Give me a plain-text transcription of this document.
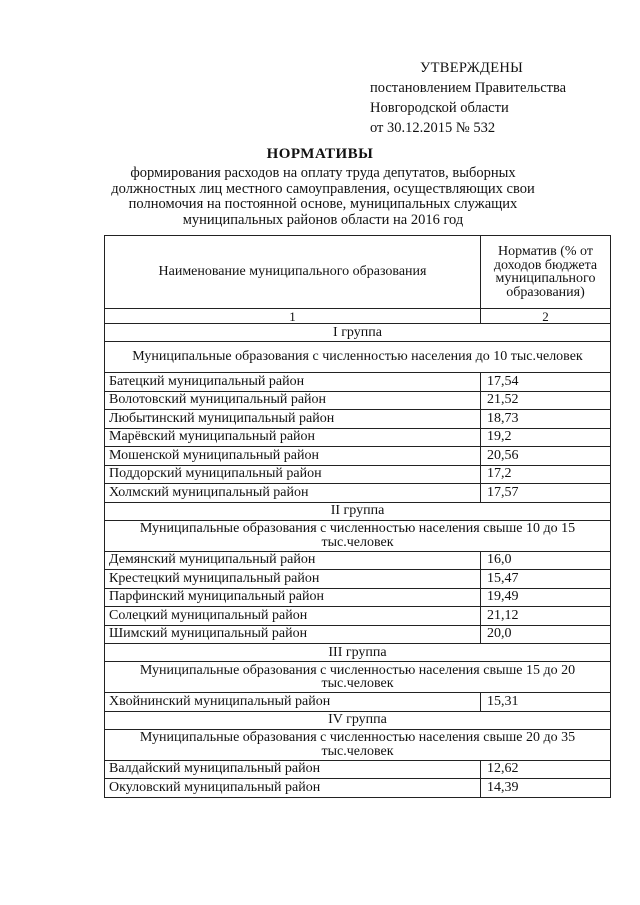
УТВЕРЖДЕНЫ
постановлением Правительства
Новгородской области
от 30.12.2015 № 532
НОРМАТИВЫ
формирования расходов на оплату труда депутатов, выборных должностных лиц местного самоуправления, осуществляющих свои полномочия на постоянной основе, муниципальных служащих муниципальных районов области на 2016 год
Наименование муниципального образования	Норматив (% от доходов бюджета муниципального образования)
1	2
I группа	
Муниципальные образования с численностью населения до 10 тыс.человек	
Батецкий муниципальный район	17,54
Волотовский муниципальный район	21,52
Любытинский муниципальный район	18,73
Марёвский муниципальный район	19,2
Мошенской муниципальный район	20,56
Поддорский муниципальный район	17,2
Холмский муниципальный район	17,57
II группа	
Муниципальные образования с численностью населения свыше 10 до 15 тыс.человек	
Демянский муниципальный район	16,0
Крестецкий муниципальный район	15,47
Парфинский муниципальный район	19,49
Солецкий муниципальный район	21,12
Шимский муниципальный район	20,0
III группа	
Муниципальные образования с численностью населения свыше 15 до 20 тыс.человек	
Хвойнинский муниципальный район	15,31
IV группа	
Муниципальные образования с численностью населения свыше 20 до 35 тыс.человек	
Валдайский муниципальный район	12,62
Окуловский муниципальный район	14,39
